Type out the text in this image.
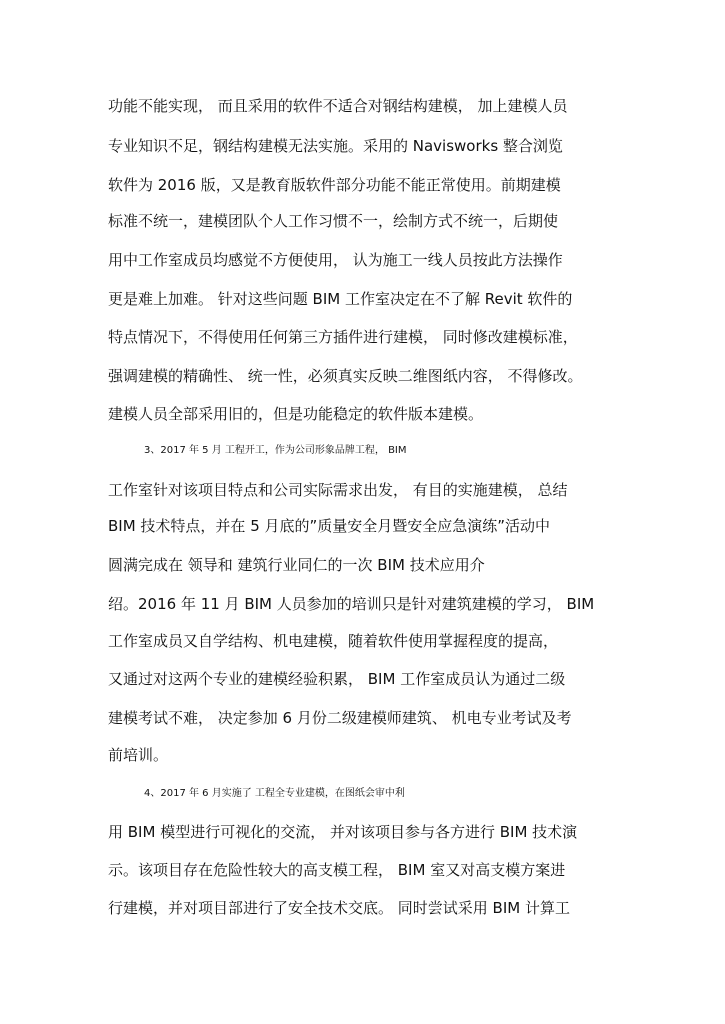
功能不能实现， 而且采用的软件不适合对钢结构建模， 加上建模人员
专业知识不足，钢结构建模无法实施。采用的 Navisworks 整合浏览
软件为 2016 版，又是教育版软件部分功能不能正常使用。前期建模
标准不统一，建模团队个人工作习惯不一，绘制方式不统一，后期使
用中工作室成员均感觉不方便使用， 认为施工一线人员按此方法操作
更是难上加难。 针对这些问题 BIM 工作室决定在不了解 Revit 软件的
特点情况下，不得使用任何第三方插件进行建模， 同时修改建模标准，
强调建模的精确性、 统一性，必须真实反映二维图纸内容， 不得修改。
建模人员全部采用旧的，但是功能稳定的软件版本建模。
3、2017 年 5 月 工程开工，作为公司形象品牌工程， BIM
工作室针对该项目特点和公司实际需求出发， 有目的实施建模， 总结
BIM 技术特点，并在 5 月底的”质量安全月暨安全应急演练”活动中
圆满完成在 领导和 建筑行业同仁的一次 BIM 技术应用介
绍。2016 年 11 月 BIM 人员参加的培训只是针对建筑建模的学习， BIM
工作室成员又自学结构、机电建模，随着软件使用掌握程度的提高，
又通过对这两个专业的建模经验积累， BIM 工作室成员认为通过二级
建模考试不难， 决定参加 6 月份二级建模师建筑、 机电专业考试及考
前培训。
4、2017 年 6 月实施了 工程全专业建模，在图纸会审中利
用 BIM 模型进行可视化的交流， 并对该项目参与各方进行 BIM 技术演
示。该项目存在危险性较大的高支模工程， BIM 室又对高支模方案进
行建模，并对项目部进行了安全技术交底。 同时尝试采用 BIM 计算工
